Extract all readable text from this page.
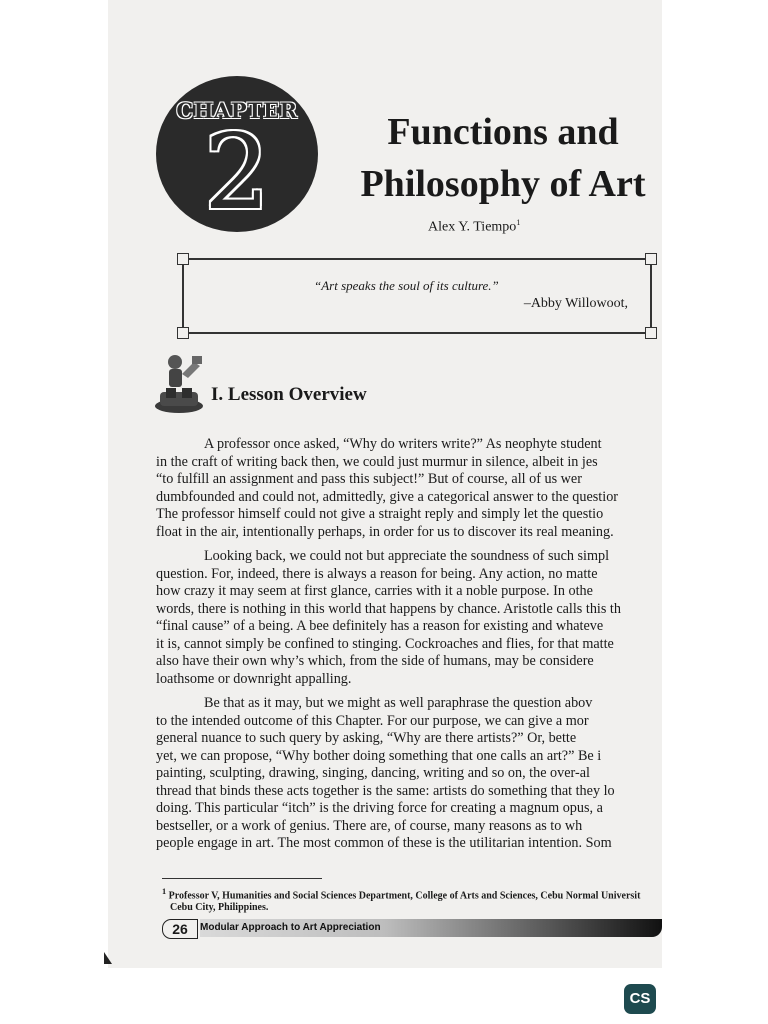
CHAPTER
2	Functions and
Philosophy of Art
Alex Y. Tiempo$^1$
“Art speaks the soul of its culture.”
–Abby Willowoot,
I. Lesson Overview
A professor once asked, “Why do writers write?” As neophyte student
in the craft of writing back then, we could just murmur in silence, albeit in jes
“to fulfill an assignment and pass this subject!” But of course, all of us wer
dumbfounded and could not, admittedly, give a categorical answer to the questior
The professor himself could not give a straight reply and simply let the questio
float in the air, intentionally perhaps, in order for us to discover its real meaning.
Looking back, we could not but appreciate the soundness of such simpl
question. For, indeed, there is always a reason for being. Any action, no matte
how crazy it may seem at first glance, carries with it a noble purpose. In othe
words, there is nothing in this world that happens by chance. Aristotle calls this th
“final cause” of a being. A bee definitely has a reason for existing and whateve
it is, cannot simply be confined to stinging. Cockroaches and flies, for that matte
also have their own why’s which, from the side of humans, may be considere
loathsome or downright appalling.
Be that as it may, but we might as well paraphrase the question abov
to the intended outcome of this Chapter. For our purpose, we can give a mor
general nuance to such query by asking, “Why are there artists?” Or, bette
yet, we can propose, “Why bother doing something that one calls an art?” Be i
painting, sculpting, drawing, singing, dancing, writing and so on, the over-al
thread that binds these acts together is the same: artists do something that they lo
doing. This particular “itch” is the driving force for creating a magnum opus, a
bestseller, or a work of genius. There are, of course, many reasons as to wh
people engage in art. The most common of these is the utilitarian intention. Som
$^1$ Professor V, Humanities and Social Sciences Department, College of Arts and Sciences, Cebu Normal Universit
Cebu City, Philippines.
26	Modular Approach to Art Appreciation
CS
